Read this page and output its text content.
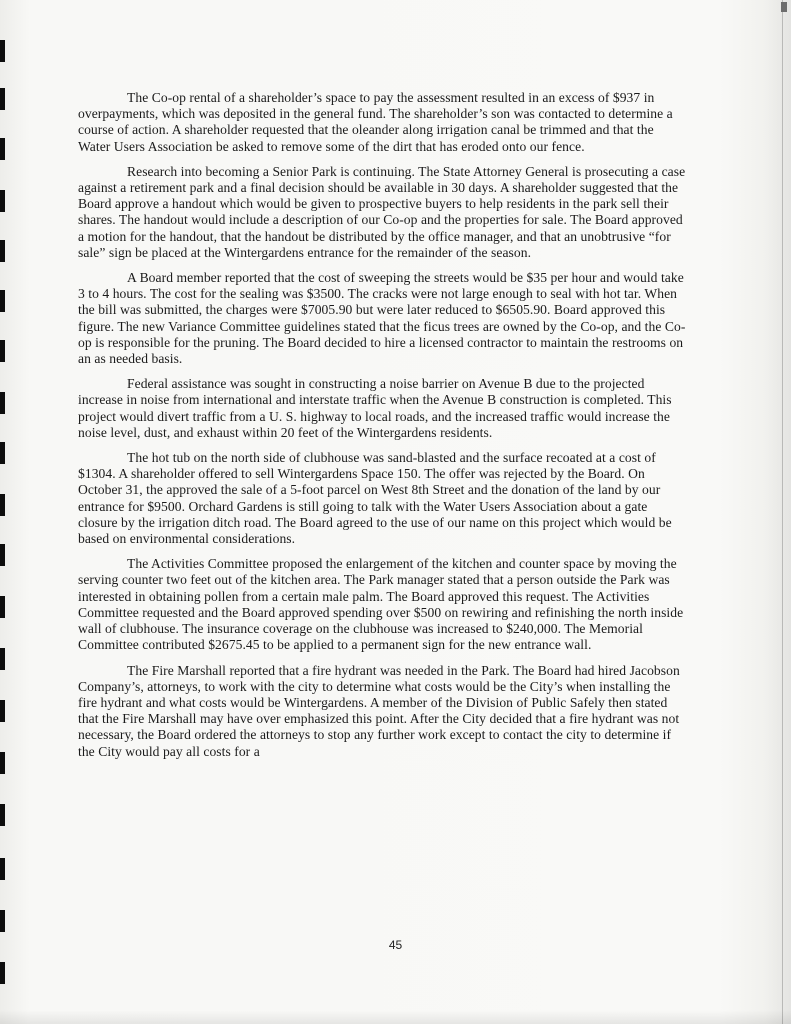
The Co-op rental of a shareholder’s space to pay the assessment resulted in an excess of $937 in overpayments, which was deposited in the general fund. The shareholder’s son was contacted to determine a course of action. A shareholder requested that the oleander along irrigation canal be trimmed and that the Water Users Association be asked to remove some of the dirt that has eroded onto our fence.

Research into becoming a Senior Park is continuing. The State Attorney General is prosecuting a case against a retirement park and a final decision should be available in 30 days. A shareholder suggested that the Board approve a handout which would be given to prospective buyers to help residents in the park sell their shares. The handout would include a description of our Co-op and the properties for sale. The Board approved a motion for the handout, that the handout be distributed by the office manager, and that an unobtrusive “for sale” sign be placed at the Wintergardens entrance for the remainder of the season.

A Board member reported that the cost of sweeping the streets would be $35 per hour and would take 3 to 4 hours. The cost for the sealing was $3500. The cracks were not large enough to seal with hot tar. When the bill was submitted, the charges were $7005.90 but were later reduced to $6505.90. Board approved this figure. The new Variance Committee guidelines stated that the ficus trees are owned by the Co-op, and the Co-op is responsible for the pruning. The Board decided to hire a licensed contractor to maintain the restrooms on an as needed basis.

Federal assistance was sought in constructing a noise barrier on Avenue B due to the projected increase in noise from international and interstate traffic when the Avenue B construction is completed. This project would divert traffic from a U. S. highway to local roads, and the increased traffic would increase the noise level, dust, and exhaust within 20 feet of the Wintergardens residents.

The hot tub on the north side of clubhouse was sand-blasted and the surface recoated at a cost of $1304. A shareholder offered to sell Wintergardens Space 150. The offer was rejected by the Board. On October 31, the approved the sale of a 5-foot parcel on West 8th Street and the donation of the land by our entrance for $9500. Orchard Gardens is still going to talk with the Water Users Association about a gate closure by the irrigation ditch road. The Board agreed to the use of our name on this project which would be based on environmental considerations.

The Activities Committee proposed the enlargement of the kitchen and counter space by moving the serving counter two feet out of the kitchen area. The Park manager stated that a person outside the Park was interested in obtaining pollen from a certain male palm. The Board approved this request. The Activities Committee requested and the Board approved spending over $500 on rewiring and refinishing the north inside wall of clubhouse. The insurance coverage on the clubhouse was increased to $240,000. The Memorial Committee contributed $2675.45 to be applied to a permanent sign for the new entrance wall.

The Fire Marshall reported that a fire hydrant was needed in the Park. The Board had hired Jacobson Company’s, attorneys, to work with the city to determine what costs would be the City’s when installing the fire hydrant and what costs would be Wintergardens. A member of the Division of Public Safely then stated that the Fire Marshall may have over emphasized this point. After the City decided that a fire hydrant was not necessary, the Board ordered the attorneys to stop any further work except to contact the city to determine if the City would pay all costs for a

45
